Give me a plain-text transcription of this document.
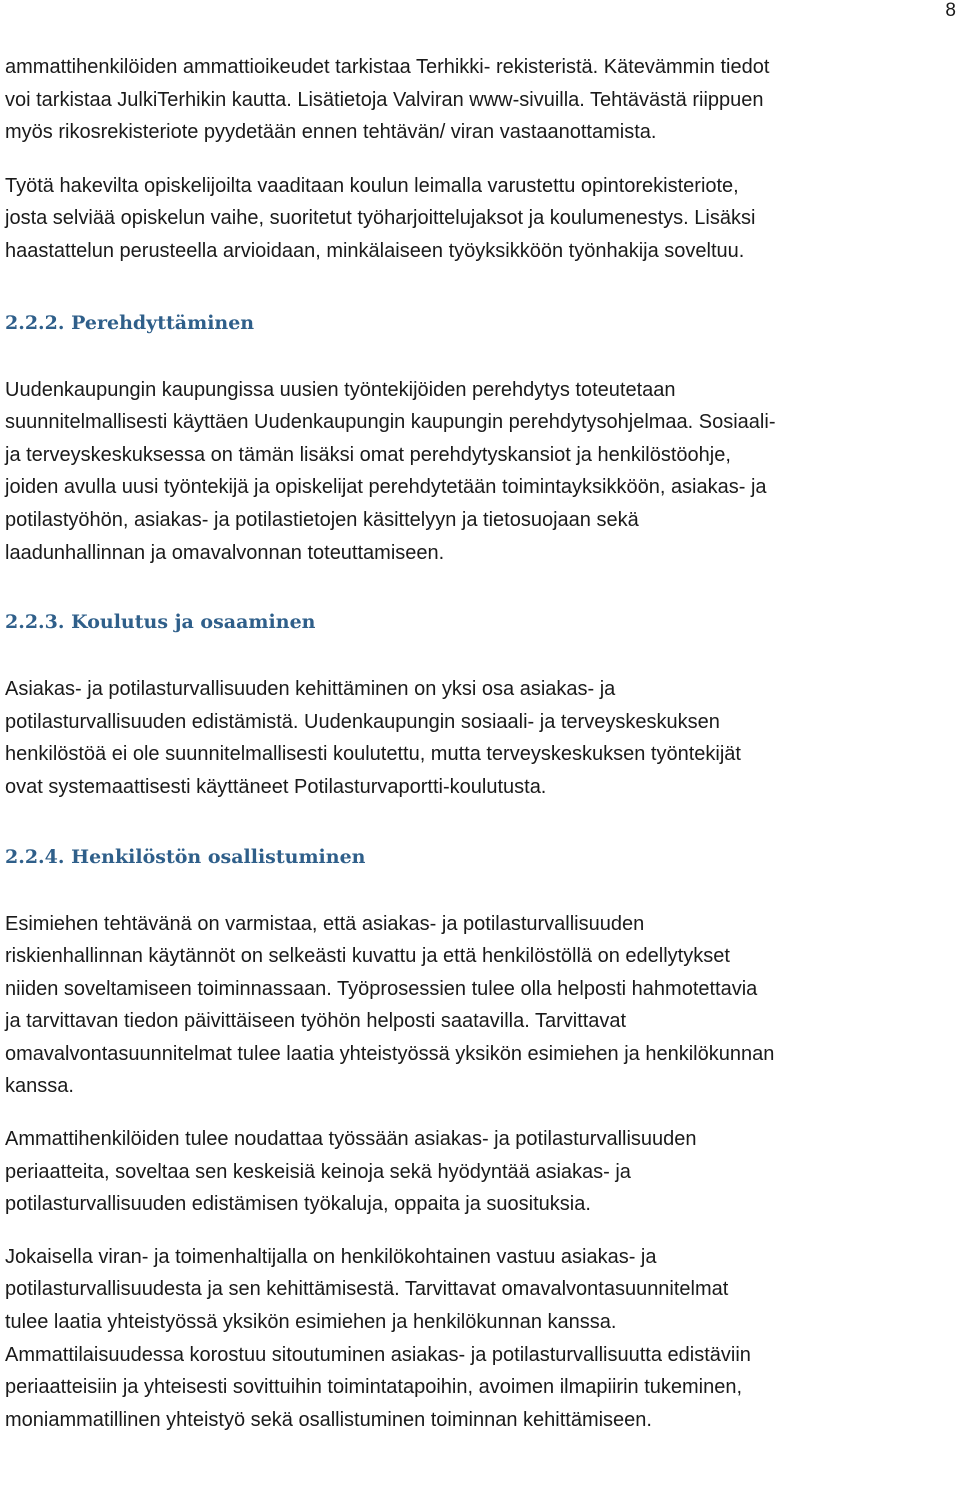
8

ammattihenkilöiden ammattioikeudet tarkistaa Terhikki- rekisteristä. Kätevämmin tiedot
voi tarkistaa JulkiTerhikin kautta. Lisätietoja Valviran www-sivuilla. Tehtävästä riippuen
myös rikosrekisteriote pyydetään ennen tehtävän/ viran vastaanottamista.

Työtä hakevilta opiskelijoilta vaaditaan koulun leimalla varustettu opintorekisteriote,
josta selviää opiskelun vaihe, suoritetut työharjoittelujaksot ja koulumenestys. Lisäksi
haastattelun perusteella arvioidaan, minkälaiseen työyksikköön työnhakija soveltuu.

2.2.2. Perehdyttäminen

Uudenkaupungin kaupungissa uusien työntekijöiden perehdytys toteutetaan
suunnitelmallisesti käyttäen Uudenkaupungin kaupungin perehdytysohjelmaa. Sosiaali-
ja terveyskeskuksessa on tämän lisäksi omat perehdytyskansiot ja henkilöstöohje,
joiden avulla uusi työntekijä ja opiskelijat perehdytetään toimintayksikköön, asiakas- ja
potilastyöhön, asiakas- ja potilastietojen käsittelyyn ja tietosuojaan sekä
laadunhallinnan ja omavalvonnan toteuttamiseen.

2.2.3. Koulutus ja osaaminen

Asiakas- ja potilasturvallisuuden kehittäminen on yksi osa asiakas- ja
potilasturvallisuuden edistämistä. Uudenkaupungin sosiaali- ja terveyskeskuksen
henkilöstöä ei ole suunnitelmallisesti koulutettu, mutta terveyskeskuksen työntekijät
ovat systemaattisesti käyttäneet Potilasturvaportti-koulutusta.

2.2.4. Henkilöstön osallistuminen

Esimiehen tehtävänä on varmistaa, että asiakas- ja potilasturvallisuuden
riskienhallinnan käytännöt on selkeästi kuvattu ja että henkilöstöllä on edellytykset
niiden soveltamiseen toiminnassaan. Työprosessien tulee olla helposti hahmotettavia
ja tarvittavan tiedon päivittäiseen työhön helposti saatavilla. Tarvittavat
omavalvontasuunnitelmat tulee laatia yhteistyössä yksikön esimiehen ja henkilökunnan
kanssa.

Ammattihenkilöiden tulee noudattaa työssään asiakas- ja potilasturvallisuuden
periaatteita, soveltaa sen keskeisiä keinoja sekä hyödyntää asiakas- ja
potilasturvallisuuden edistämisen työkaluja, oppaita ja suosituksia.

Jokaisella viran- ja toimenhaltijalla on henkilökohtainen vastuu asiakas- ja
potilasturvallisuudesta ja sen kehittämisestä. Tarvittavat omavalvontasuunnitelmat
tulee laatia yhteistyössä yksikön esimiehen ja henkilökunnan kanssa.

Ammattilaisuudessa korostuu sitoutuminen asiakas- ja potilasturvallisuutta edistäviin
periaatteisiin ja yhteisesti sovittuihin toimintatapoihin, avoimen ilmapiirin tukeminen,
moniammatillinen yhteistyö sekä osallistuminen toiminnan kehittämiseen.
